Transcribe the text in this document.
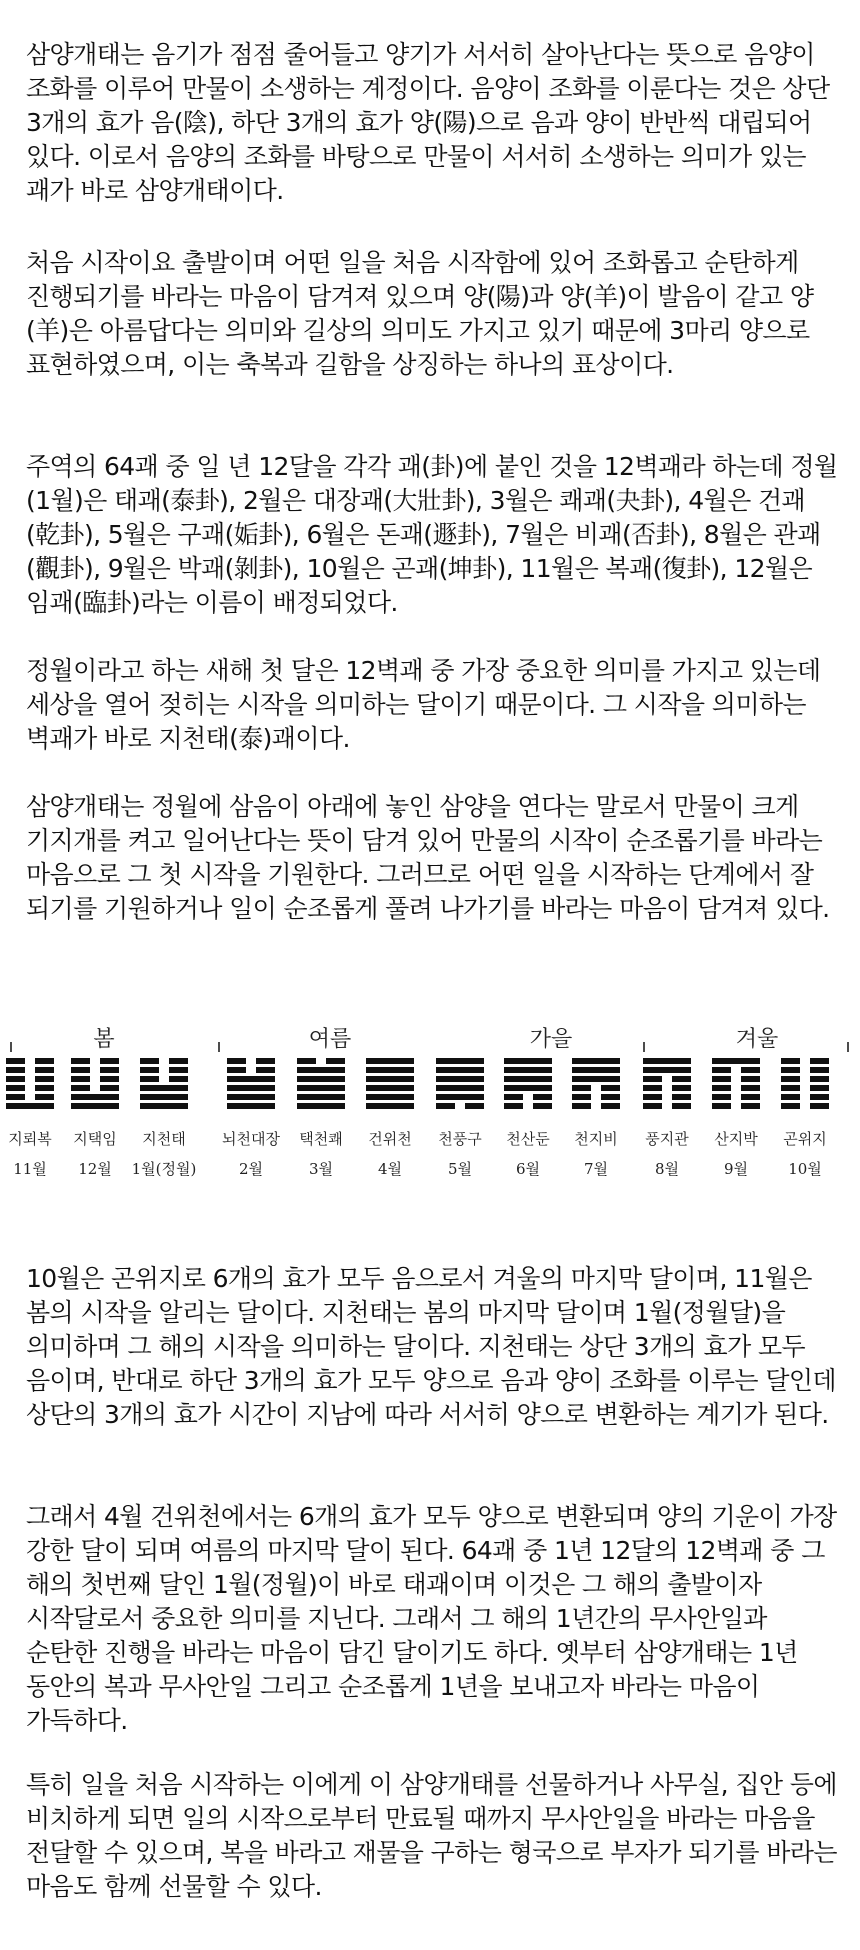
삼양개태는 음기가 점점 줄어들고 양기가 서서히 살아난다는 뜻으로 음양이 조화를 이루어 만물이 소생하는 계정이다. 음양이 조화를 이룬다는 것은 상단 3개의 효가 음(陰), 하단 3개의 효가 양(陽)으로 음과 양이 반반씩 대립되어 있다. 이로서 음양의 조화를 바탕으로 만물이 서서히 소생하는 의미가 있는 괘가 바로 삼양개태이다.

처음 시작이요 출발이며 어떤 일을 처음 시작함에 있어 조화롭고 순탄하게 진행되기를 바라는 마음이 담겨져 있으며 양(陽)과 양(羊)이 발음이 같고 양(羊)은 아름답다는 의미와 길상의 의미도 가지고 있기 때문에 3마리 양으로 표현하였으며, 이는 축복과 길함을 상징하는 하나의 표상이다.

주역의 64괘 중 일 년 12달을 각각 괘(卦)에 붙인 것을 12벽괘라 하는데 정월(1월)은 태괘(泰卦), 2월은 대장괘(大壯卦), 3월은 쾌괘(夬卦), 4월은 건괘(乾卦), 5월은 구괘(姤卦), 6월은 돈괘(遯卦), 7월은 비괘(否卦), 8월은 관괘(觀卦), 9월은 박괘(剝卦), 10월은 곤괘(坤卦), 11월은 복괘(復卦), 12월은 임괘(臨卦)라는 이름이 배정되었다.

정월이라고 하는 새해 첫 달은 12벽괘 중 가장 중요한 의미를 가지고 있는데 세상을 열어 젖히는 시작을 의미하는 달이기 때문이다. 그 시작을 의미하는 벽괘가 바로 지천태(泰)괘이다.

삼양개태는 정월에 삼음이 아래에 놓인 삼양을 연다는 말로서 만물이 크게 기지개를 켜고 일어난다는 뜻이 담겨 있어 만물의 시작이 순조롭기를 바라는 마음으로 그 첫 시작을 기원한다. 그러므로 어떤 일을 시작하는 단계에서 잘 되기를 기원하거나 일이 순조롭게 풀려 나가기를 바라는 마음이 담겨져 있다.

봄	여름	가을	겨울
지뢰복
11월
지택임
12월
지천태
1월(정월)
뇌천대장
2월
택천쾌
3월
건위천
4월
천풍구
5월
천산둔
6월
천지비
7월
풍지관
8월
산지박
9월
곤위지
10월

10월은 곤위지로 6개의 효가 모두 음으로서 겨울의 마지막 달이며, 11월은 봄의 시작을 알리는 달이다. 지천태는 봄의 마지막 달이며 1월(정월달)을 의미하며 그 해의 시작을 의미하는 달이다. 지천태는 상단 3개의 효가 모두 음이며, 반대로 하단 3개의 효가 모두 양으로 음과 양이 조화를 이루는 달인데 상단의 3개의 효가 시간이 지남에 따라 서서히 양으로 변환하는 계기가 된다.

그래서 4월 건위천에서는 6개의 효가 모두 양으로 변환되며 양의 기운이 가장 강한 달이 되며 여름의 마지막 달이 된다. 64괘 중 1년 12달의 12벽괘 중 그 해의 첫번째 달인 1월(정월)이 바로 태괘이며 이것은 그 해의 출발이자 시작달로서 중요한 의미를 지닌다. 그래서 그 해의 1년간의 무사안일과 순탄한 진행을 바라는 마음이 담긴 달이기도 하다. 옛부터 삼양개태는 1년 동안의 복과 무사안일 그리고 순조롭게 1년을 보내고자 바라는 마음이 가득하다.

특히 일을 처음 시작하는 이에게 이 삼양개태를 선물하거나 사무실, 집안 등에 비치하게 되면 일의 시작으로부터 만료될 때까지 무사안일을 바라는 마음을 전달할 수 있으며, 복을 바라고 재물을 구하는 형국으로 부자가 되기를 바라는 마음도 함께 선물할 수 있다.
